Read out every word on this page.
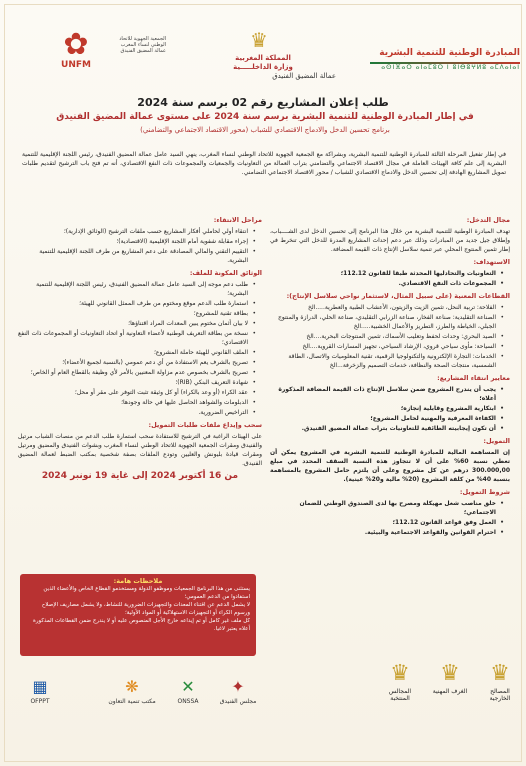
✿
UNFM
الجمعية الجهوية للاتحاد
الوطني لنساء المغرب
عمالة المضيق الفنيدق	♛
المملكة المغربية
وزارة الداخلـــــية
عمالة المضيق الفنيدق
المبادرة الوطنية للتنمية البشرية
ⴰⵙⵏⴼⴰⵔ ⴰⵏⴰⵎⵓⵔ ⵏ ⵓⵏⴱⵓⵖⵍⵓ ⴰⵎⴷⴰⵏⴰⵏ
طلب إعلان المشاريع رقم 02 برسم سنة 2024
في إطار المبادرة الوطنية للتنمية البشرية برسم سنة 2024 على مستوى عمالة المضيق الفنيدق
برنامج تحسين الدخل والادماج الاقتصادي للشباب (محور الاقتصاد الاجتماعي والتضامني)
في إطار تفعيل المرحلة الثالثة للمبادرة الوطنية للتنمية البشرية، وبشراكة مع الجمعية الجهوية للاتحاد الوطني لنساء المغرب، ينهي السيد عامل عمالة المضيق الفنيدق، رئيس اللجنة الإقليمية للتنمية البشرية إلى علم كافة الهيئات العاملة في مجال الاقتصاد الاجتماعي والتضامني بتراب العمالة من التعاونيات والجمعيات والمجموعات ذات النفع الاقتصادي، أنه تم فتح باب الترشيح لتقديم طلبات تمويل المشاريع الهادفة إلى تحسين الدخل والادماج الاقتصادي للشباب / محور الاقتصاد الاجتماعي التضامني.
مجال التدخل:
تهدف المبادرة الوطنية للتنمية البشرية من خلال هذا البرنامج إلى تحسين الدخل لدى الشــــباب، وإطلاق جيل جديد من المبادرات وذلك عبر دعم إحداث المشاريع المدرة للدخل التي تنخرط في إطار تثمين المنتوج المحلي عبر تنمية سلاسل الإنتاج ذات القيمة المضافة.
الاستهداف:
• التعاونيات والتحادليها المحدثة طبقا للقانون 112.12؛
• المجموعات ذات النفع الاقتصادي.
القطاعات المعنية (على سبيل المثال، لاستثمار نواحي سلاسل الإنتاج):
• الفلاحة: تربية النحل، تثمين الزيت والزيتون، الأعشاب الطبية والعطرية.....الخ
• الصناعة التقليدية: صناعة الفخار، صناعة الزرابي التقليدي، صناعة الحلي، الدرازة والمنتوج الجبلي، الخياطة والطرز، التطريز والأعمال الخشبية.....الخ
• الصيد البحري: وحدات لحفظ وتعليب الأسماك، تثمين المنتوجات البحرية....الخ
• السياحة: مأوى سياحي قروي، الإرشاد السياحي، تجهيز المسارات القروية....الخ
• الخدمات: التجارة الإلكترونية والتكنولوجيا الرقمية، تقنية المعلوميات والاتصال، الطاقة الشمسية، منتجات الصحة والنظافة، خدمات التصميم والزخرفة...الخ
معايير انتقاء المشاريع:
• يجب أن يندرج المشروع ضمن سلاسل الإنتاج ذات القيمة المضافة المذكورة أعلاه؛
• ابتكارية المشروع وقابلية إنجازه؛
• الكفاءة المعرفية والمهنية لحامل المشروع؛
• أن تكون إيجابيته الطائفية للتعاونيات بتراب عمالة المضيق الفنيدق.
التمويل:
إن المساهمة المالية للمبادرة الوطنية للتنمية البشرية في المشروع يمكن أن تغطي نسبة 60% على أن لا تتجاوز هذه النسبة السقف المحدد في مبلغ 300.000,00 درهم عن كل مشروع وعلى أن يلتزم حامل المشروع بالمساهمة بنسبة 40% من كلفة المشروع (20% مالية و20% عينية).
شروط التمويل:
• خلق مناصب شغل مهيكلة ومصرح بها لدى الصندوق الوطني للضمان الاجتماعي؛
• العمل وفق قواعد القانون 112.12؛
• احترام القوانين والقواعد الاجتماعية والبيئية.
مراحل الانتقاء:
• انتقاء أولي لحاملي أفكار المشاريع حسب ملفات الترشيح (الوثائق الإدارية)؛
• إجراء مقابلة شفوية أمام اللجنة الإقليمية (الاقتصادية)؛
• التقييم التقني والمالي المصادقة على دعم المشاريع من طرف اللجنة الإقليمية للتنمية البشرية.
الوثائق المكونة للملف:
• طلب دعم موجه إلى السيد عامل عمالة المضيق الفنيدق، رئيس اللجنة الإقليمية للتنمية البشرية؛
• استمارة طلب الدعم موقع ومختوم من طرف الممثل القانوني للهيئة؛
• بطاقة تقنية للمشروع؛
• لا بيان أثمان مختوم يبين المعدات المراد اقتناؤها؛
• نسخة من بطاقة التعريف الوطنية لأعضاء التعاونية أو اتحاد التعاونيات أو المجموعات ذات النفع الاقتصادي؛
• الملف القانوني للهيئة حاملة المشروع؛
• تصريح بالشرف يعم الاستفادة من أي دعم عمومي (بالنسبة لجميع الأعضاء)؛
• تصريح بالشرف بخصوص عدم مزاولة المعنيين بالأمر لأي وظيفة بالقطاع العام أو الخاص؛
• شهادة التعريف البنكي (RIB)؛
• عقد الكراء (أو وعد بالكراء) أو كل وثيقة تثبت التوفر على مقر أو محل؛
• الدبلومات والشواهد الحاصل عليها في حالة وجودها؛
• التراخيص الضرورية.
سحب وإيداع ملفات طلبات التمويل:
على الهيئات الراغبة في الترشيح للاستفادة سحب استمارة طلب الدعم من منصات الشباب مرتيل والفنيدق ومقرات الجمعية الجهوية للاتحاد الوطني لنساء المغرب وبشوات الفنيدق والمضيق ومرتيل ومقرات قيادة بليونش والعليين وتودع الملفات بصفة شخصية بمكتب الضبط لعمالة المضيق الفنيدق.
من 16 أكتوبر 2024 إلى غاية 19 نونبر 2024
ملاحظات هامة:
يستثنى من هذا البرنامج الجمعيات وموظفو الدولة ومستخدمو القطاع الخاص والأعضاء الذين استفادوا من الدعم العمومي؛
لا يشمل الدعم عن اقتناء المعدات والتجهيزات الضرورية للنشاط، ولا يشمل مصاريف الإصلاح ورسوم الكراء أو التجهيزات الاستهلاكية أو المواد الأولية؛
كل ملف غير كامل أو تم إيداعه خارج الأجل المنصوص عليه أو لا يندرج ضمن القطاعات المذكورة أعلاه يعتبر لاغيا.
▦
OFPPT
✕
ONSSA
❋
مكتب تنمية التعاون
✦
مجلس الفنيدق
♛
المصالح الخارجية
♛
الغرف المهنية
♛
المجالس المنتخبة
